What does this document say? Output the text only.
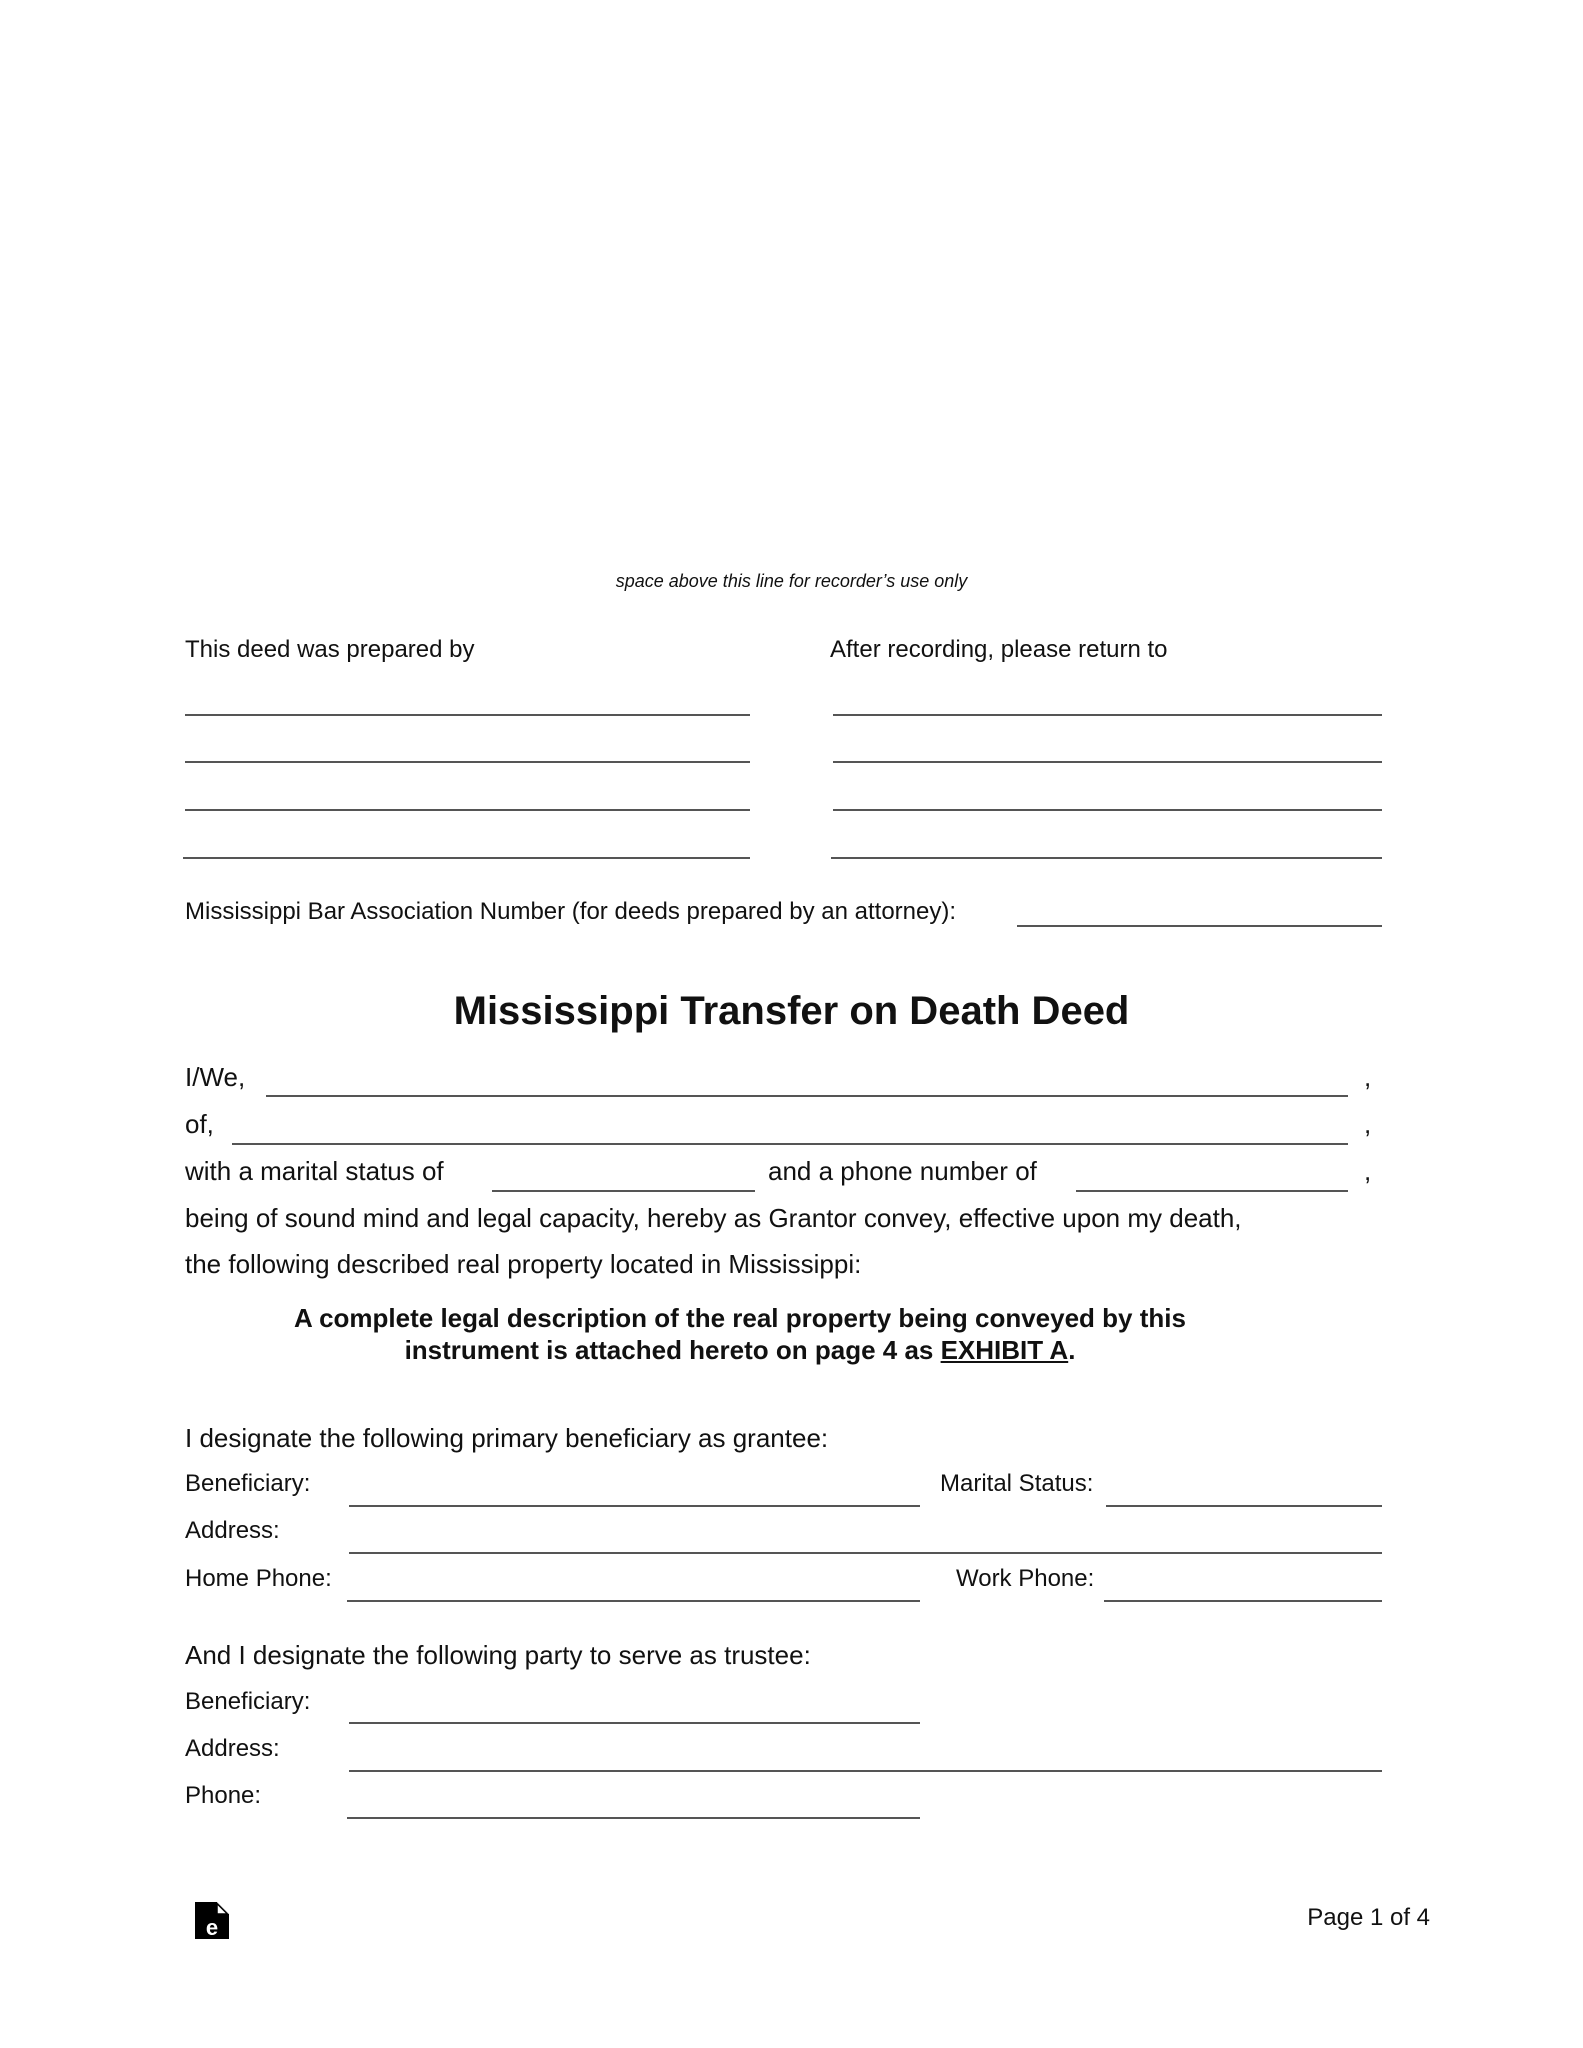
space above this line for recorder’s use only
This deed was prepared by	After recording, please return to
Mississippi Bar Association Number (for deeds prepared by an attorney):
Mississippi Transfer on Death Deed
I/We,	,
of,	,
with a marital status of	and a phone number of	,
being of sound mind and legal capacity, hereby as Grantor convey, effective upon my death,
the following described real property located in Mississippi:
A complete legal description of the real property being conveyed by this
instrument is attached hereto on page 4 as EXHIBIT A.
I designate the following primary beneficiary as grantee:
Beneficiary:	Marital Status:
Address:
Home Phone:	Work Phone:
And I designate the following party to serve as trustee:
Beneficiary:
Address:
Phone:
e	Page 1 of 4
